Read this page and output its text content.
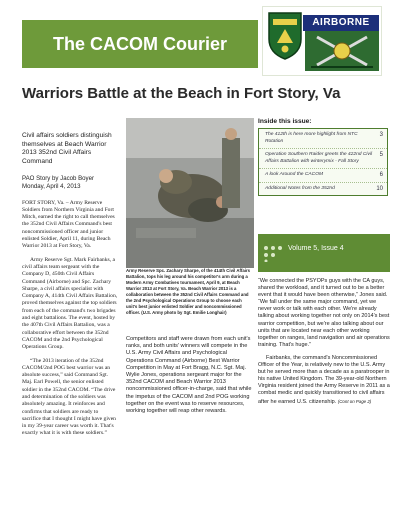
The CACOM Courier
AIRBORNE
Warriors Battle at the Beach in Fort Story, Va
Civil affairs soldiers distinguish themselves at Beach Warrior 2013 352nd Civil Affairs Command
PAO Story by Jacob Boyer
Monday, April 4, 2013

FORT STORY, Va. – Army Reserve Soldiers from Northern Virginia and Fort Mitch, earned the right to call themselves the 352nd Civil Affairs Command's best noncommissioned officer and junior enlisted Soldier, April 11, during Beach Warrior 2013 at Fort Story, Va.

Army Reserve Sgt. Mark Fairbanks, a civil affairs team sergeant with the Company D, 450th Civil Affairs Command (Airborne) and Spc. Zachary Sharpe, a civil affairs specialist with Company A, 414th Civil Affairs Battalion, proved themselves against the top soldiers from each of the command's two brigades and eight battalions. The event, hosted by the 407th Civil Affairs Battalion, was a collaborative effort between the 352nd CACOM and the 2nd Psychological Operations Group.

“The 2013 iteration of the 352nd CACOM/2nd POG best warrior was an absolute success,” said Command Sgt. Maj. Earl Powell, the senior enlisted soldier in the 352nd CACOM. “The drive and determination of the soldiers was absolutely amazing. It reinforces and confirms that soldiers are ready to sacrifice that I thought I might have given in my 39-year career was worth it. That's exactly what it is with these soldiers.”

Army Reserve Spc. Zachary Sharpe, of the 414th Civil Affairs Battalion, tops his leg around his competitor's arm during a Modern Army Combatives tournament, April 9, at Beach Warrior 2013 at Fort Story, Va. Beach Warrior 2013 is a collaboration between the 352nd Civil Affairs Command and the 2nd Psychological Operations Group to choose each unit's best junior enlisted Soldier and noncommissioned officer. (U.S. Army photo by Sgt. Emilie Longhair)

Competitors and staff were drawn from each unit's ranks, and both units' winners will compete in the U.S. Army Civil Affairs and Psychological Operations Command (Airborne) Best Warrior Competition in May at Fort Bragg, N.C. Sgt. Maj. Wylie Jones, operations sergeant major for the 352nd CACOM and Beach Warrior 2013 noncommissioned officer-in-charge, said that while the impetus of the CACOM and 2nd POG working together on the event was to reserve resources, working together will reap other rewards.

Inside this issue:
The 412th is here more highlight from NTC Rotation
3
Operation Southern Raider greets the 422nd Civil Affairs Battalion with winterymix - Fall Story
5
A look Around the CACOM	6
Additional Notes from the 352nd	10
Volume 5, Issue 4

“We connected the PSYOPs guys with the CA guys, shared the workload, and it turned out to be a better event that it would have been otherwise,” Jones said. “We fall under the same major command, yet we never work or talk with each other. We're already talking about working together not only on 2014's best warrior competition, but we're also talking about our units that are located near each other working together on ranges, land navigation and air operations training. That's huge.”

Fairbanks, the command's Noncommissioned Officer of the Year, is relatively new to the U.S. Army but he served more than a decade as a paratrooper in his native United Kingdom. The 39-year-old Northern Virginia resident joined the Army Reserve in 2011 as a combat medic and quickly transitioned to civil affairs after he earned U.S. citizenship. (Cont on Page 2)
